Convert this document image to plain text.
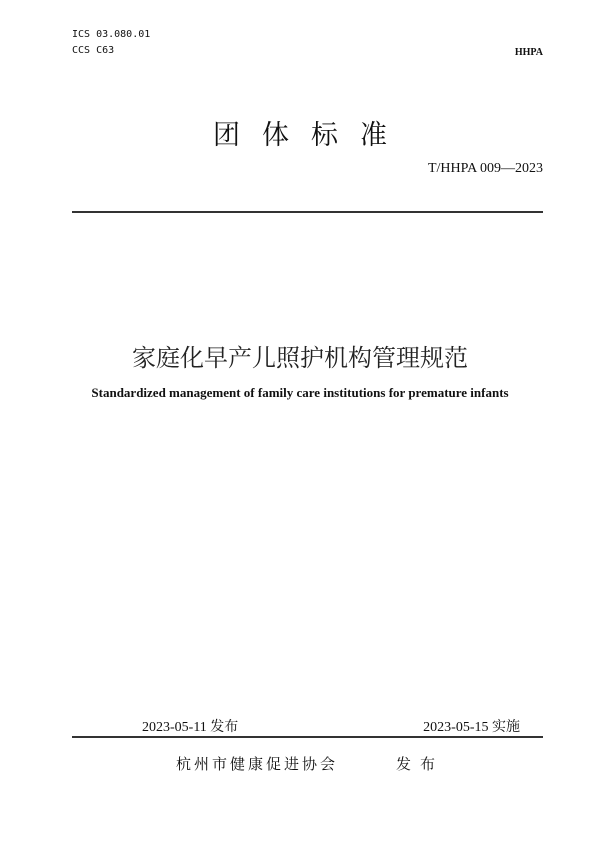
ICS 03.080.01
CCS C63	HHPA
团体标准
T/HHPA 009—2023
家庭化早产儿照护机构管理规范
Standardized management of family care institutions for premature infants
2023-05-11 发布	2023-05-15 实施
杭州市健康促进协会	发布
